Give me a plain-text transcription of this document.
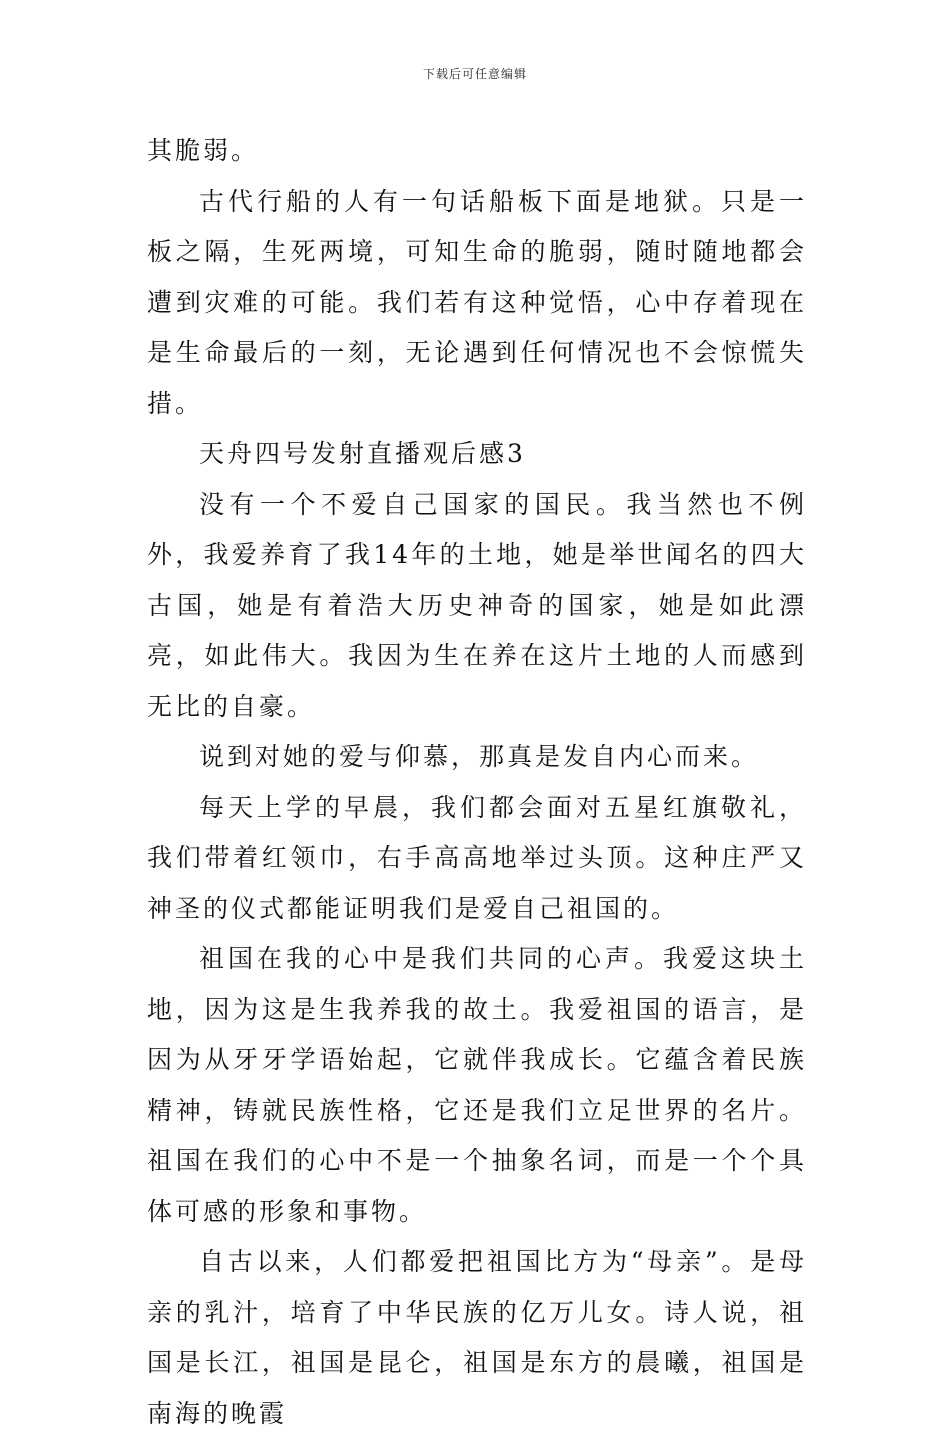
下载后可任意编辑

其脆弱。

古代行船的人有一句话船板下面是地狱。只是一板之隔，生死两境，可知生命的脆弱，随时随地都会遭到灾难的可能。我们若有这种觉悟，心中存着现在是生命最后的一刻，无论遇到任何情况也不会惊慌失措。

天舟四号发射直播观后感3

没有一个不爱自己国家的国民。我当然也不例外，我爱养育了我14年的土地，她是举世闻名的四大古国，她是有着浩大历史神奇的国家，她是如此漂亮，如此伟大。我因为生在养在这片土地的人而感到无比的自豪。

说到对她的爱与仰慕，那真是发自内心而来。

每天上学的早晨，我们都会面对五星红旗敬礼，我们带着红领巾，右手高高地举过头顶。这种庄严又神圣的仪式都能证明我们是爱自己祖国的。

祖国在我的心中是我们共同的心声。我爱这块土地，因为这是生我养我的故土。我爱祖国的语言，是因为从牙牙学语始起，它就伴我成长。它蕴含着民族精神，铸就民族性格，它还是我们立足世界的名片。祖国在我们的心中不是一个抽象名词，而是一个个具体可感的形象和事物。

自古以来，人们都爱把祖国比方为“母亲”。是母亲的乳汁，培育了中华民族的亿万儿女。诗人说，祖国是长江，祖国是昆仑，祖国是东方的晨曦，祖国是南海的晚霞
